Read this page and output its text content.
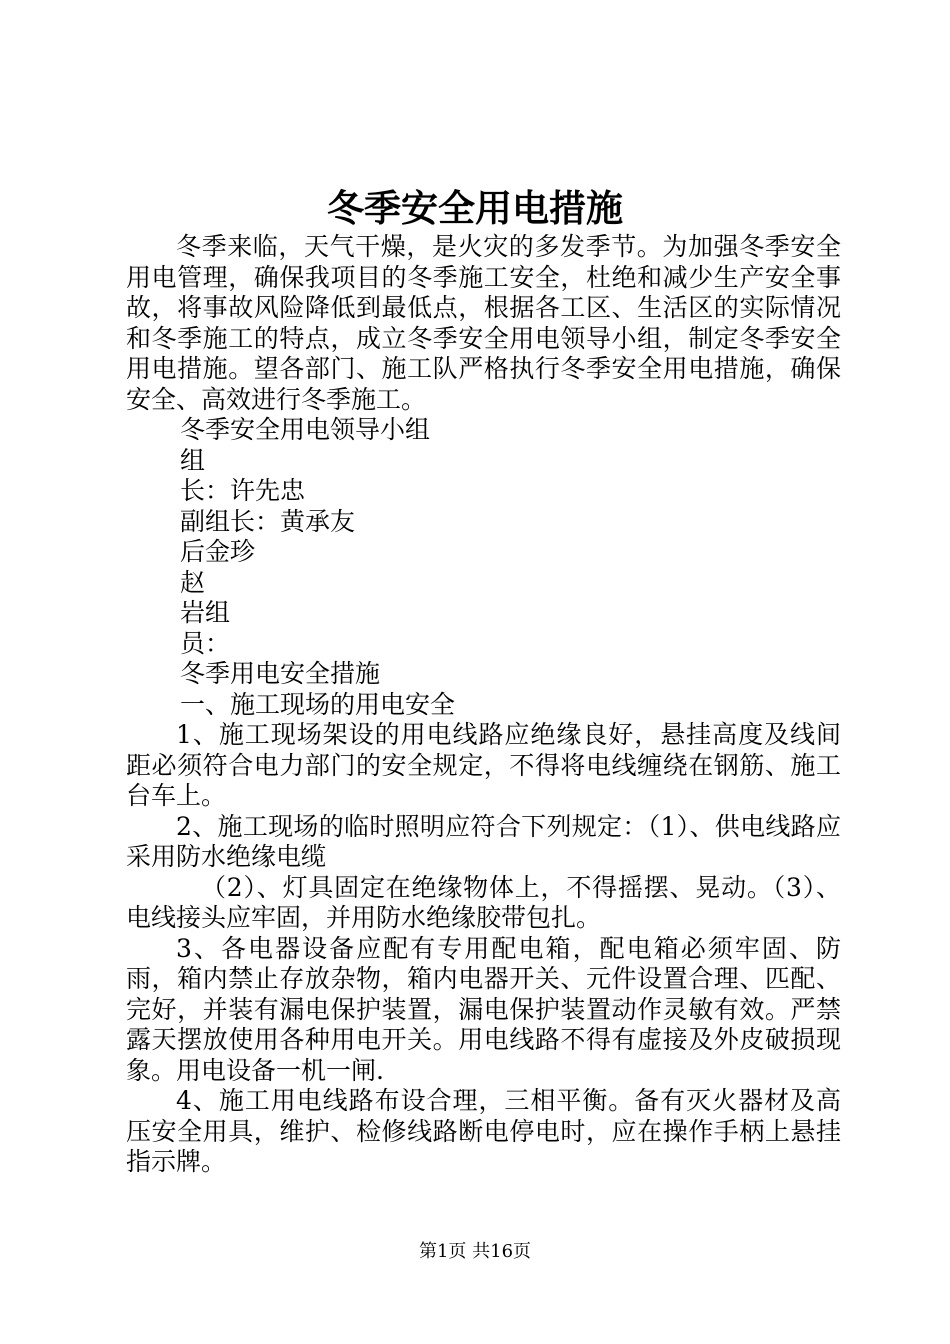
冬季安全用电措施

冬季来临，天气干燥，是火灾的多发季节。为加强冬季安全用电管理，确保我项目的冬季施工安全，杜绝和减少生产安全事故，将事故风险降低到最低点，根据各工区、生活区的实际情况和冬季施工的特点，成立冬季安全用电领导小组，制定冬季安全用电措施。望各部门、施工队严格执行冬季安全用电措施，确保安全、高效进行冬季施工。

冬季安全用电领导小组

组

长：许先忠

副组长：黄承友

后金珍

赵

岩组

员：

冬季用电安全措施

一、施工现场的用电安全

1、施工现场架设的用电线路应绝缘良好，悬挂高度及线间距必须符合电力部门的安全规定，不得将电线缠绕在钢筋、施工台车上。

2、施工现场的临时照明应符合下列规定：（1）、供电线路应采用防水绝缘电缆

（2）、灯具固定在绝缘物体上，不得摇摆、晃动。（3）、电线接头应牢固，并用防水绝缘胶带包扎。

3、各电器设备应配有专用配电箱，配电箱必须牢固、防雨，箱内禁止存放杂物，箱内电器开关、元件设置合理、匹配、完好，并装有漏电保护装置，漏电保护装置动作灵敏有效。严禁露天摆放使用各种用电开关。用电线路不得有虚接及外皮破损现象。用电设备一机一闸.

4、施工用电线路布设合理，三相平衡。备有灭火器材及高压安全用具，维护、检修线路断电停电时，应在操作手柄上悬挂指示牌。

第1页 共16页
